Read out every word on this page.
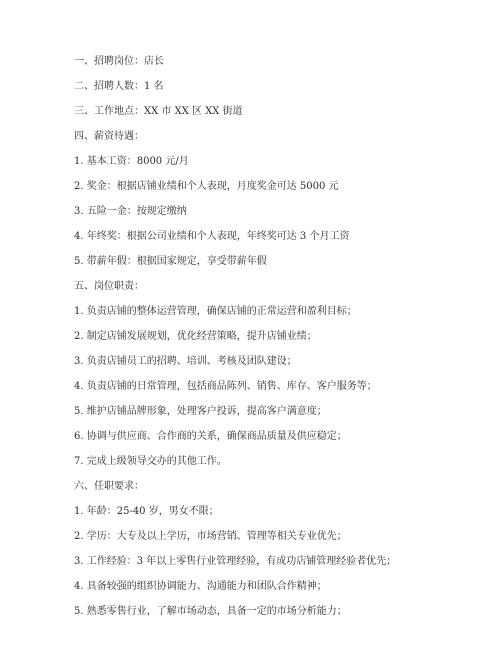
一、招聘岗位：店长

二、招聘人数：1 名

三、工作地点：XX 市 XX 区 XX 街道

四、薪资待遇：

1. 基本工资：8000 元/月

2. 奖金：根据店铺业绩和个人表现，月度奖金可达 5000 元

3. 五险一金：按规定缴纳

4. 年终奖：根据公司业绩和个人表现，年终奖可达 3 个月工资

5. 带薪年假：根据国家规定，享受带薪年假

五、岗位职责：

1. 负责店铺的整体运营管理，确保店铺的正常运营和盈利目标；

2. 制定店铺发展规划，优化经营策略，提升店铺业绩；

3. 负责店铺员工的招聘、培训、考核及团队建设；

4. 负责店铺的日常管理，包括商品陈列、销售、库存、客户服务等；

5. 维护店铺品牌形象，处理客户投诉，提高客户满意度；

6. 协调与供应商、合作商的关系，确保商品质量及供应稳定；

7. 完成上级领导交办的其他工作。

六、任职要求：

1. 年龄：25-40 岁，男女不限；

2. 学历：大专及以上学历，市场营销、管理等相关专业优先；

3. 工作经验：3 年以上零售行业管理经验，有成功店铺管理经验者优先；

4. 具备较强的组织协调能力、沟通能力和团队合作精神；

5. 熟悉零售行业，了解市场动态，具备一定的市场分析能力；
